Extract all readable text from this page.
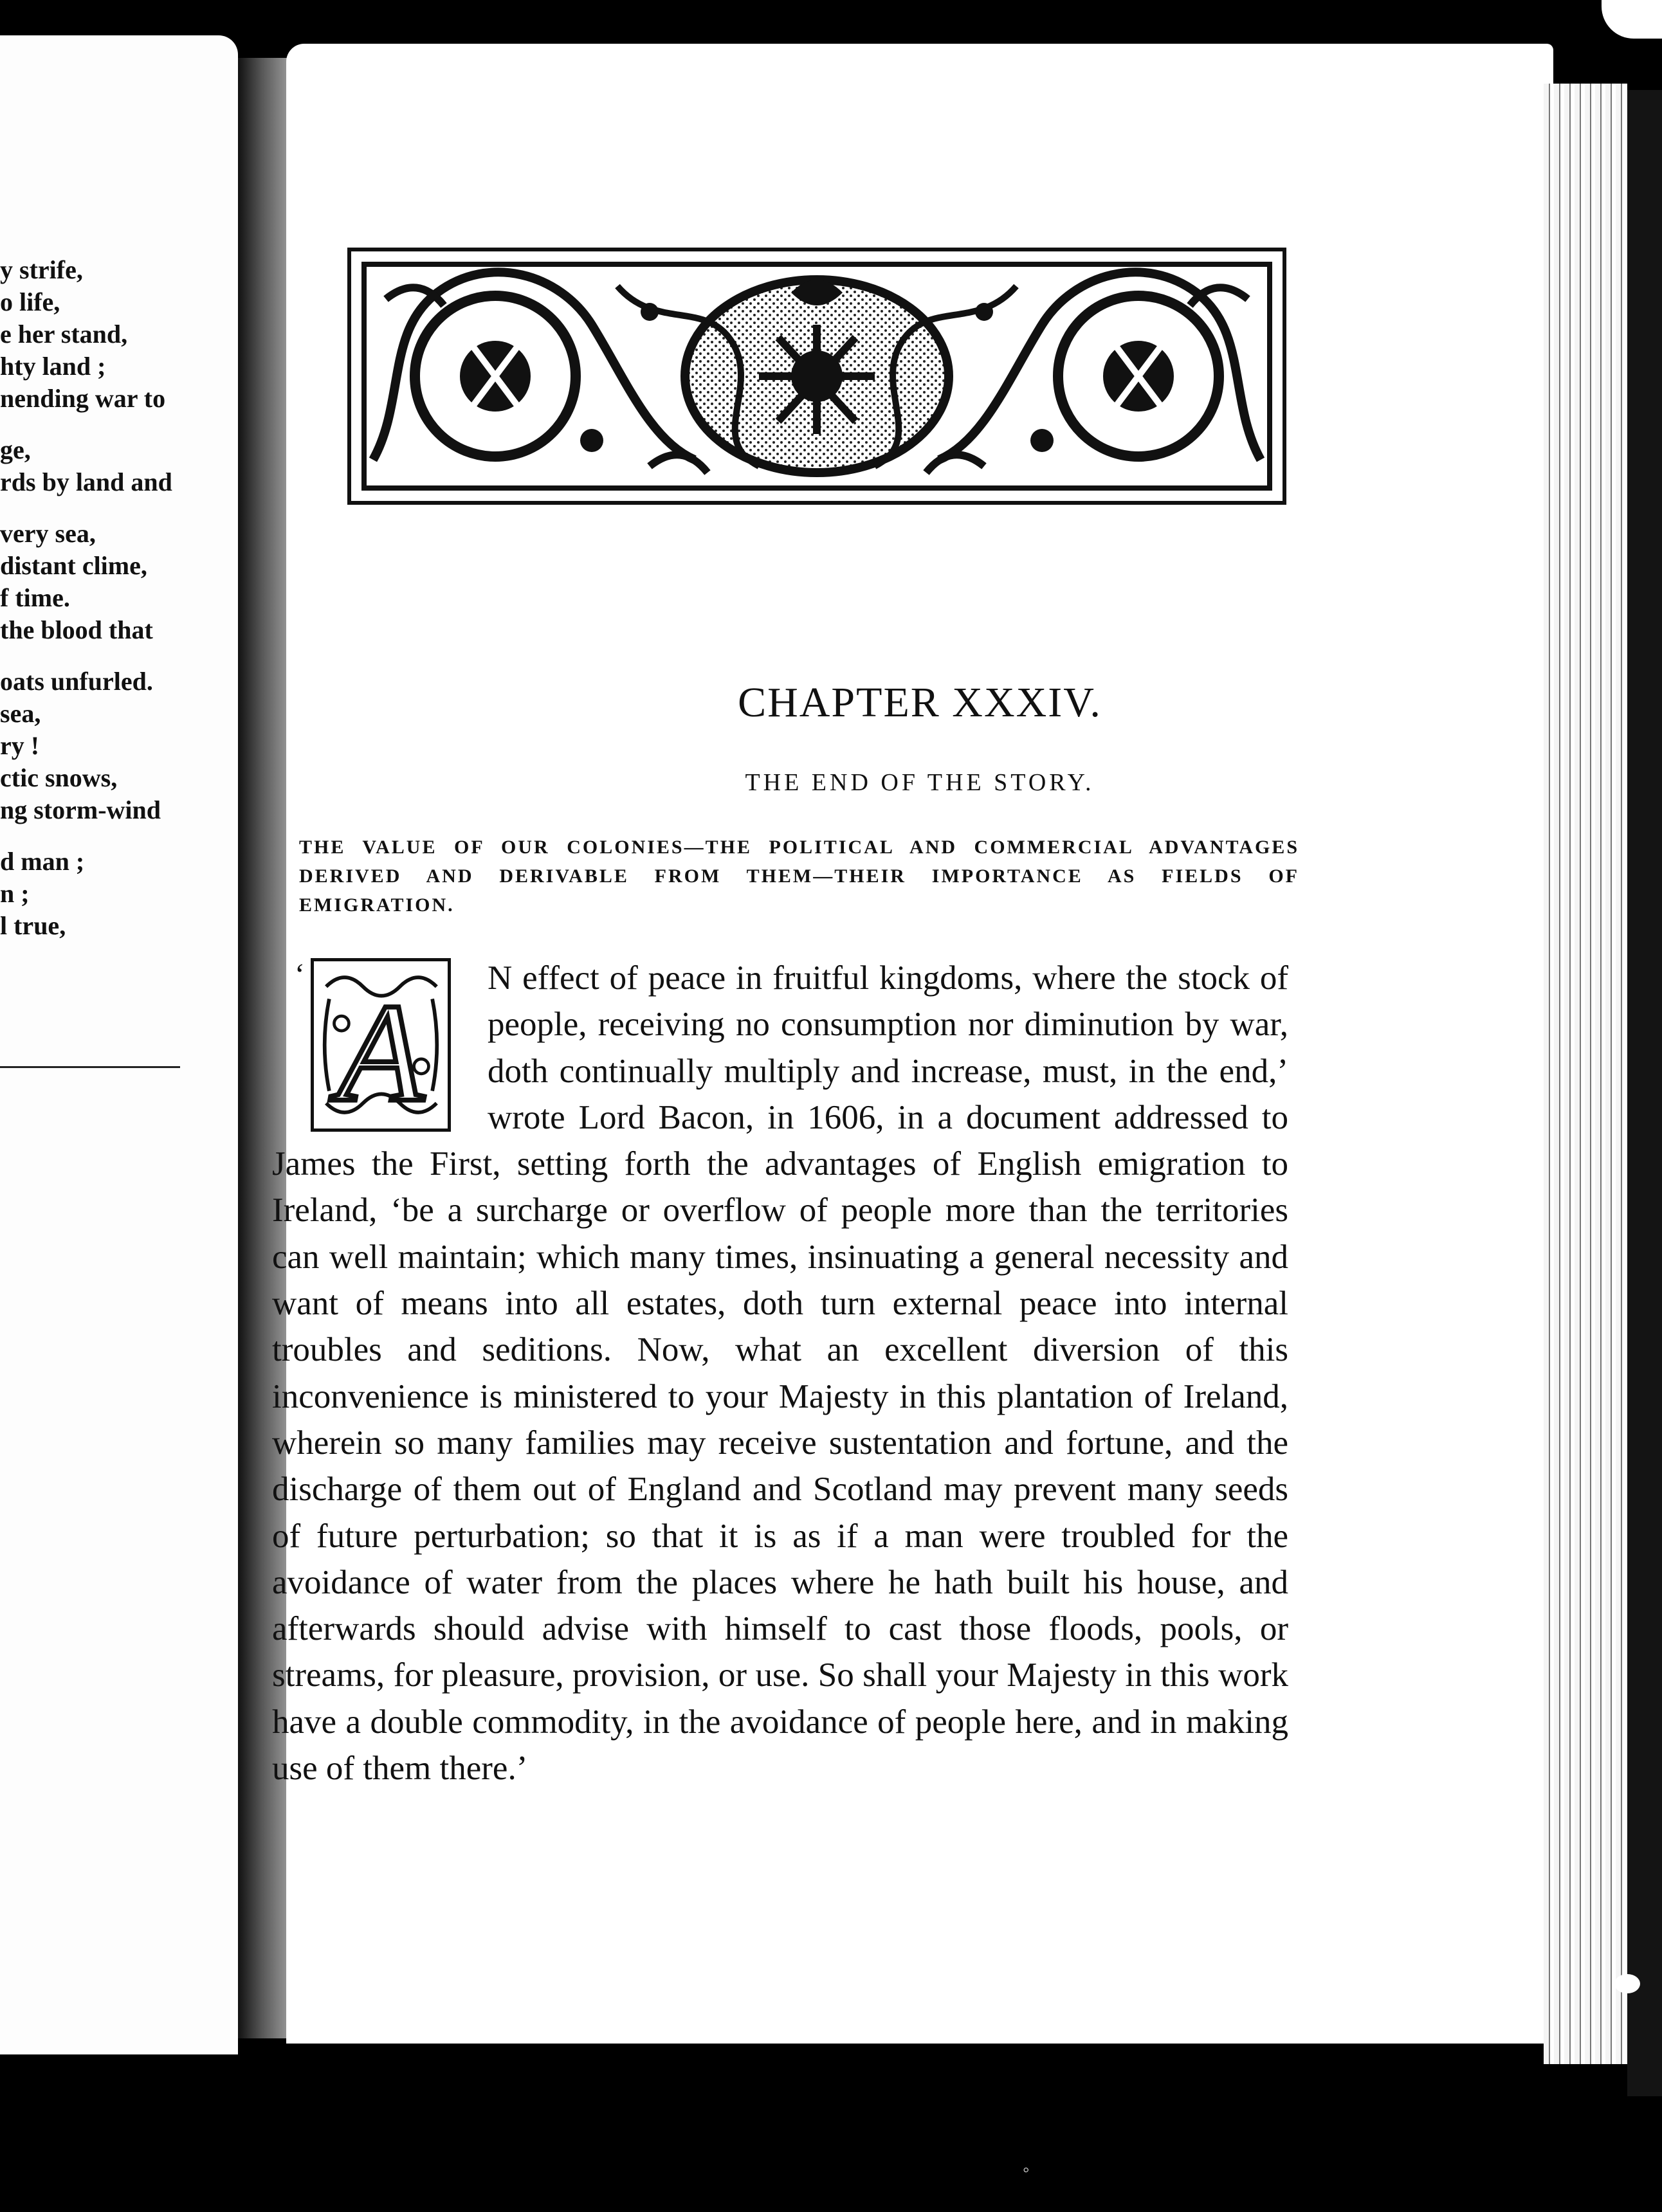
y strife,
o life,
e her stand,
hty land ;
nending war to
ge,
rds by land and
very sea,
distant clime,
f time.
the blood that
oats unfurled.
sea,
ry !
ctic snows,
ng storm-wind
d man ;
n ;
l true,
◦
CHAPTER XXXIV.
THE END OF THE STORY.

THE VALUE OF OUR COLONIES—THE POLITICAL AND COMMERCIAL ADVANTAGES DERIVED AND DERIVABLE FROM THEM—THEIR IMPORTANCE AS FIELDS OF EMIGRATION.

‘
A	N effect of peace in fruitful kingdoms, where the stock of people, receiving no consumption nor diminution by war, doth continually multiply and increase, must, in the end,’ wrote Lord Bacon, in 1606, in a document addressed to James the First, setting forth the advantages of English emigration to Ireland, ‘be a surcharge or overflow of people more than the territories can well maintain; which many times, insinuating a general necessity and want of means into all estates, doth turn external peace into internal troubles and seditions. Now, what an excellent diversion of this inconvenience is ministered to your Majesty in this plantation of Ireland, wherein so many families may receive sustentation and fortune, and the discharge of them out of England and Scotland may prevent many seeds of future perturbation; so that it is as if a man were troubled for the avoidance of water from the places where he hath built his house, and afterwards should advise with himself to cast those floods, pools, or streams, for pleasure, provision, or use. So shall your Majesty in this work have a double commodity, in the avoidance of people here, and in making use of them there.’
